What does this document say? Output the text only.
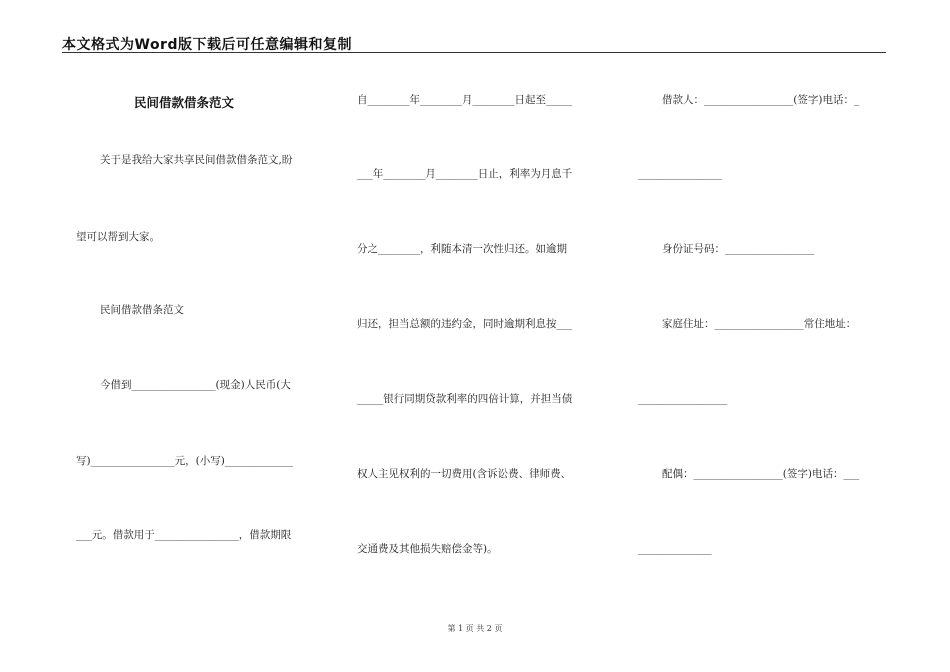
本文格式为Word版下载后可任意编辑和复制
民间借款借条范文
关于是我给大家共享民间借款借条范文,盼
望可以帮到大家。
民间借款借条范文
今借到________________(现金)人民币(大
写)________________元，(小写)_____________
___元。借款用于________________，借款期限
自________年________月________日起至_____
___年________月________日止，利率为月息千
分之________，利随本清一次性归还。如逾期
归还，担当总额的违约金，同时逾期利息按___
_____银行同期贷款利率的四倍计算，并担当债
权人主见权利的一切费用(含诉讼费、律师费、
交通费及其他损失赔偿金等)。
借款人：_________________(签字)电话：_
________________
身份证号码：_________________
家庭住址：_________________常住地址：
_________________
配偶：_________________(签字)电话：___
______________
第 1 页 共 2 页
